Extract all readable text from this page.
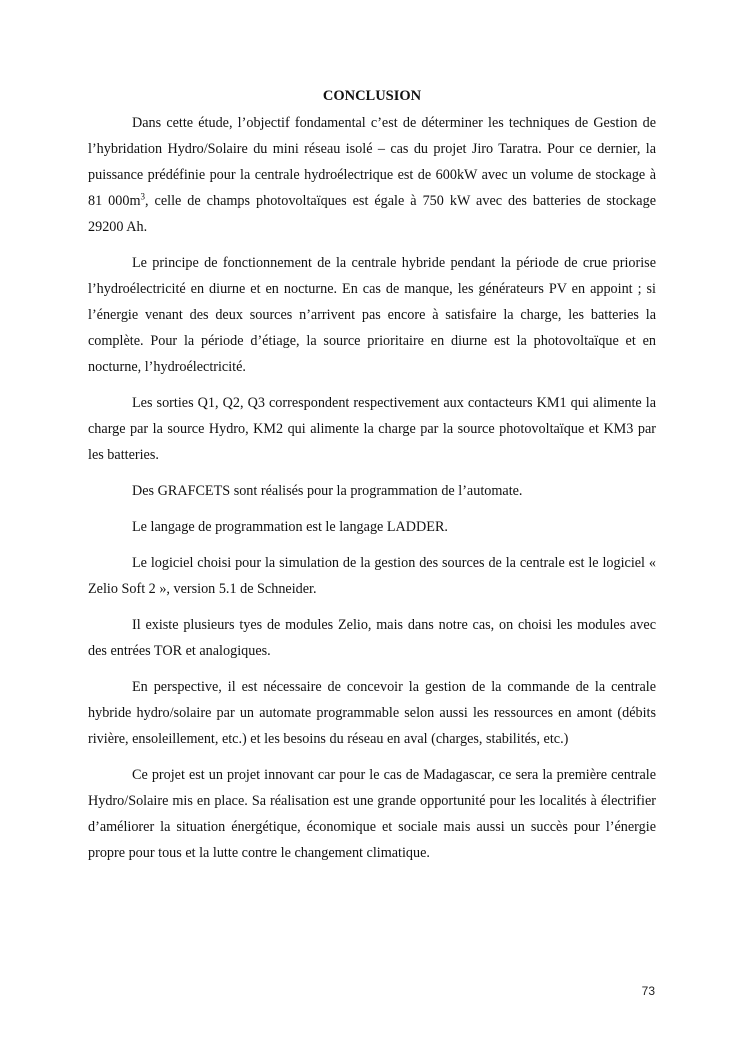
CONCLUSION

Dans cette étude, l’objectif fondamental c’est de déterminer les techniques de Gestion de l’hybridation Hydro/Solaire du mini réseau isolé – cas du projet Jiro Taratra. Pour ce dernier, la puissance prédéfinie pour la centrale hydroélectrique est de 600kW avec un volume de stockage à 81 $000m^3$, celle de champs photovoltaïques est égale à 750 kW avec des batteries de stockage 29200 Ah.

Le principe de fonctionnement de la centrale hybride pendant la période de crue priorise l’hydroélectricité en diurne et en nocturne. En cas de manque, les générateurs PV en appoint ; si l’énergie venant des deux sources n’arrivent pas encore à satisfaire la charge, les batteries la complète. Pour la période d’étiage, la source prioritaire en diurne est la photovoltaïque et en nocturne, l’hydroélectricité.

Les sorties Q1, Q2, Q3 correspondent respectivement aux contacteurs KM1 qui alimente la charge par la source Hydro, KM2 qui alimente la charge par la source photovoltaïque et KM3 par les batteries.

Des GRAFCETS sont réalisés pour la programmation de l’automate.

Le langage de programmation est le langage LADDER.

Le logiciel choisi pour la simulation de la gestion des sources de la centrale est le logiciel « Zelio Soft 2 », version 5.1 de Schneider.

Il existe plusieurs tyes de modules Zelio, mais dans notre cas, on choisi les modules avec des entrées TOR et analogiques.

En perspective, il est nécessaire de concevoir la gestion de la commande de la centrale hybride hydro/solaire par un automate programmable selon aussi les ressources en amont (débits rivière, ensoleillement, etc.) et les besoins du réseau en aval (charges, stabilités, etc.)

Ce projet est un projet innovant car pour le cas de Madagascar, ce sera la première centrale Hydro/Solaire mis en place. Sa réalisation est une grande opportunité pour les localités à électrifier d’améliorer la situation énergétique, économique et sociale mais aussi un succès pour l’énergie propre pour tous et la lutte contre le changement climatique.

73
